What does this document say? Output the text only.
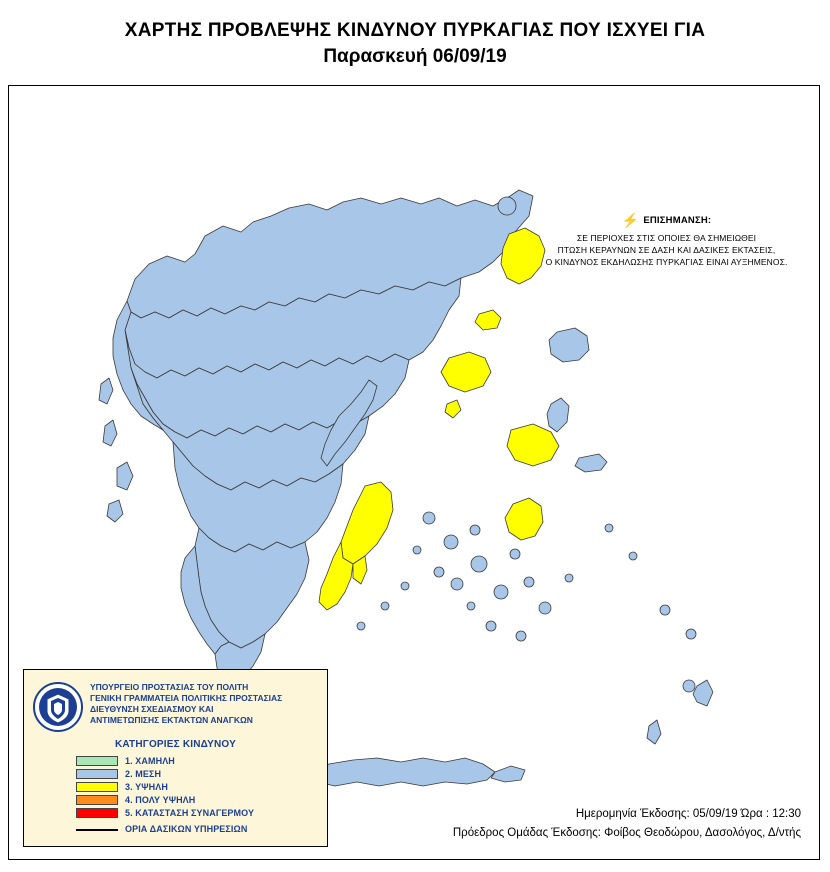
ΧΑΡΤΗΣ ΠΡΟΒΛΕΨΗΣ ΚΙΝΔΥΝΟΥ ΠΥΡΚΑΓΙΑΣ ΠΟΥ ΙΣΧΥΕΙ ΓΙΑ
Παρασκευή 06/09/19
⚡ ΕΠΙΣΗΜΑΝΣΗ:
ΣΕ ΠΕΡΙΟΧΕΣ ΣΤΙΣ ΟΠΟΙΕΣ ΘΑ ΣΗΜΕΙΩΘΕΙ
ΠΤΩΣΗ ΚΕΡΑΥΝΩΝ ΣΕ ΔΑΣΗ ΚΑΙ ΔΑΣΙΚΕΣ ΕΚΤΑΣΕΙΣ,
Ο ΚΙΝΔΥΝΟΣ ΕΚΔΗΛΩΣΗΣ ΠΥΡΚΑΓΙΑΣ ΕΙΝΑΙ ΑΥΞΗΜΕΝΟΣ.
ΥΠΟΥΡΓΕΙΟ ΠΡΟΣΤΑΣΙΑΣ ΤΟΥ ΠΟΛΙΤΗ
ΓΕΝΙΚΗ ΓΡΑΜΜΑΤΕΙΑ ΠΟΛΙΤΙΚΗΣ ΠΡΟΣΤΑΣΙΑΣ
ΔΙΕΥΘΥΝΣΗ ΣΧΕΔΙΑΣΜΟΥ ΚΑΙ
ΑΝΤΙΜΕΤΩΠΙΣΗΣ ΕΚΤΑΚΤΩΝ ΑΝΑΓΚΩΝ
ΚΑΤΗΓΟΡΙΕΣ ΚΙΝΔΥΝΟΥ
1. ΧΑΜΗΛΗ
2. ΜΕΣΗ
3. ΥΨΗΛΗ
4. ΠΟΛΥ ΥΨΗΛΗ
5. ΚΑΤΑΣΤΑΣΗ ΣΥΝΑΓΕΡΜΟΥ
ΟΡΙΑ ΔΑΣΙΚΩΝ ΥΠΗΡΕΣΙΩΝ
Ημερομηνία Έκδοσης: 05/09/19 Ώρα : 12:30
Πρόεδρος Ομάδας Έκδοσης: Φοίβος Θεοδώρου, Δασολόγος, Δ/ντής
